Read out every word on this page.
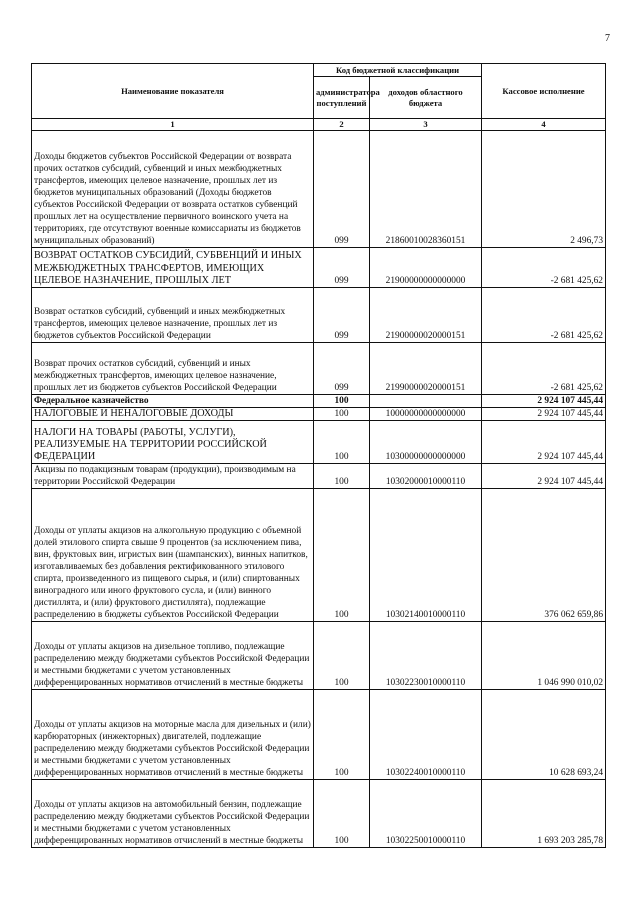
7
Наименование показателя	Код бюджетной классификации		Кассовое исполнение
	администратора поступлений	доходов областного бюджета	
1	2	3	4
Доходы бюджетов субъектов Российской Федерации от возврата прочих остатков субсидий, субвенций и иных межбюджетных трансфертов, имеющих целевое назначение, прошлых лет из бюджетов муниципальных образований (Доходы бюджетов субъектов Российской Федерации от возврата остатков субвенций прошлых лет на осуществление первичного воинского учета на территориях, где отсутствуют военные комиссариаты из бюджетов муниципальных образований)	099	21860010028360151	2 496,73
ВОЗВРАТ ОСТАТКОВ СУБСИДИЙ, СУБВЕНЦИЙ И ИНЫХ МЕЖБЮДЖЕТНЫХ ТРАНСФЕРТОВ, ИМЕЮЩИХ ЦЕЛЕВОЕ НАЗНАЧЕНИЕ, ПРОШЛЫХ ЛЕТ	099	21900000000000000	-2 681 425,62
Возврат остатков субсидий, субвенций и иных межбюджетных трансфертов, имеющих целевое назначение, прошлых лет из бюджетов субъектов Российской Федерации	099	21900000020000151	-2 681 425,62
Возврат прочих остатков субсидий, субвенций и иных межбюджетных трансфертов, имеющих целевое назначение, прошлых лет из бюджетов субъектов Российской Федерации	099	21990000020000151	-2 681 425,62
Федеральное казначейство	100		2 924 107 445,44
НАЛОГОВЫЕ И НЕНАЛОГОВЫЕ ДОХОДЫ	100	10000000000000000	2 924 107 445,44
НАЛОГИ НА ТОВАРЫ (РАБОТЫ, УСЛУГИ), РЕАЛИЗУЕМЫЕ НА ТЕРРИТОРИИ РОССИЙСКОЙ ФЕДЕРАЦИИ	100	10300000000000000	2 924 107 445,44
Акцизы по подакцизным товарам (продукции), производимым на территории Российской Федерации	100	10302000010000110	2 924 107 445,44
Доходы от уплаты акцизов на алкогольную продукцию с объемной долей этилового спирта свыше 9 процентов (за исключением пива, вин, фруктовых вин, игристых вин (шампанских), винных напитков, изготавливаемых без добавления ректификованного этилового спирта, произведенного из пищевого сырья, и (или) спиртованных виноградного или иного фруктового сусла, и (или) винного дистиллята, и (или) фруктового дистиллята), подлежащие распределению в бюджеты субъектов Российской Федерации	100	10302140010000110	376 062 659,86
Доходы от уплаты акцизов на дизельное топливо, подлежащие распределению между бюджетами субъектов Российской Федерации и местными бюджетами с учетом установленных дифференцированных нормативов отчислений в местные бюджеты	100	10302230010000110	1 046 990 010,02
Доходы от уплаты акцизов на моторные масла для дизельных и (или) карбюраторных (инжекторных) двигателей, подлежащие распределению между бюджетами субъектов Российской Федерации и местными бюджетами с учетом установленных дифференцированных нормативов отчислений в местные бюджеты	100	10302240010000110	10 628 693,24
Доходы от уплаты акцизов на автомобильный бензин, подлежащие распределению между бюджетами субъектов Российской Федерации и местными бюджетами с учетом установленных дифференцированных нормативов отчислений в местные бюджеты	100	10302250010000110	1 693 203 285,78
